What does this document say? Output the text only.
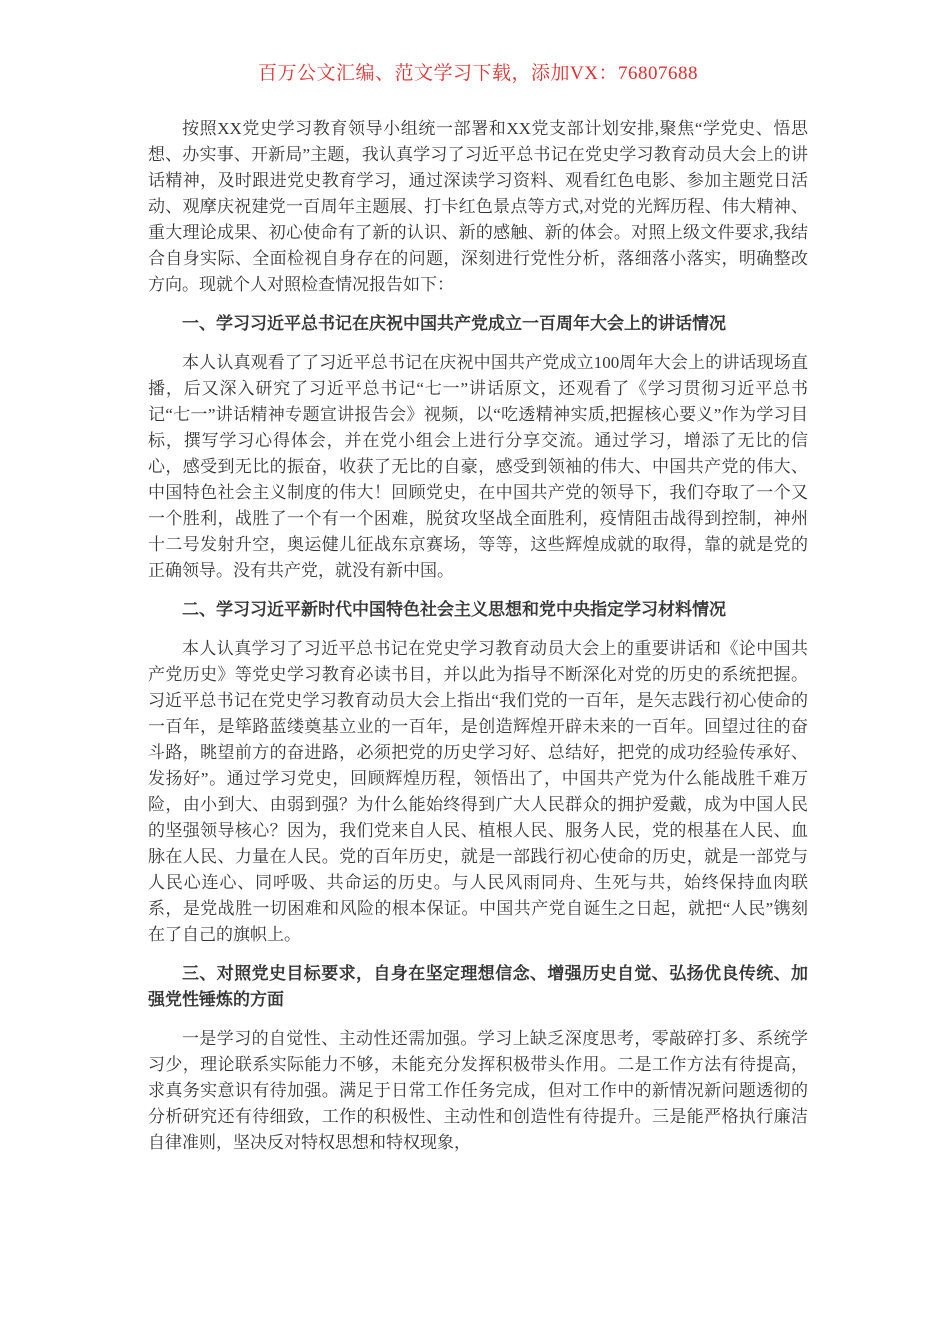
百万公文汇编、范文学习下载，添加VX：76807688

按照XX党史学习教育领导小组统一部署和XX党支部计划安排,聚焦“学党史、悟思想、办实事、开新局”主题，我认真学习了习近平总书记在党史学习教育动员大会上的讲话精神，及时跟进党史教育学习，通过深读学习资料、观看红色电影、参加主题党日活动、观摩庆祝建党一百周年主题展、打卡红色景点等方式,对党的光辉历程、伟大精神、重大理论成果、初心使命有了新的认识、新的感触、新的体会。对照上级文件要求,我结合自身实际、全面检视自身存在的问题，深刻进行党性分析，落细落小落实，明确整改方向。现就个人对照检查情况报告如下：

一、学习习近平总书记在庆祝中国共产党成立一百周年大会上的讲话情况

本人认真观看了了习近平总书记在庆祝中国共产党成立100周年大会上的讲话现场直播，后又深入研究了习近平总书记“七一”讲话原文，还观看了《学习贯彻习近平总书记“七一”讲话精神专题宣讲报告会》视频，以“吃透精神实质,把握核心要义”作为学习目标，撰写学习心得体会，并在党小组会上进行分享交流。通过学习，增添了无比的信心，感受到无比的振奋，收获了无比的自豪，感受到领袖的伟大、中国共产党的伟大、中国特色社会主义制度的伟大！回顾党史，在中国共产党的领导下，我们夺取了一个又一个胜利，战胜了一个有一个困难，脱贫攻坚战全面胜利，疫情阻击战得到控制，神州十二号发射升空，奥运健儿征战东京赛场，等等，这些辉煌成就的取得，靠的就是党的正确领导。没有共产党，就没有新中国。

二、学习习近平新时代中国特色社会主义思想和党中央指定学习材料情况

本人认真学习了习近平总书记在党史学习教育动员大会上的重要讲话和《论中国共产党历史》等党史学习教育必读书目，并以此为指导不断深化对党的历史的系统把握。习近平总书记在党史学习教育动员大会上指出“我们党的一百年，是矢志践行初心使命的一百年，是筚路蓝缕奠基立业的一百年，是创造辉煌开辟未来的一百年。回望过往的奋斗路，眺望前方的奋进路，必须把党的历史学习好、总结好，把党的成功经验传承好、发扬好”。通过学习党史，回顾辉煌历程，领悟出了，中国共产党为什么能战胜千难万险，由小到大、由弱到强？为什么能始终得到广大人民群众的拥护爱戴，成为中国人民的坚强领导核心？因为，我们党来自人民、植根人民、服务人民，党的根基在人民、血脉在人民、力量在人民。党的百年历史，就是一部践行初心使命的历史，就是一部党与人民心连心、同呼吸、共命运的历史。与人民风雨同舟、生死与共，始终保持血肉联系，是党战胜一切困难和风险的根本保证。中国共产党自诞生之日起，就把“人民”镌刻在了自己的旗帜上。

三、对照党史目标要求，自身在坚定理想信念、增强历史自觉、弘扬优良传统、加强党性锤炼的方面

一是学习的自觉性、主动性还需加强。学习上缺乏深度思考，零敲碎打多、系统学习少，理论联系实际能力不够，未能充分发挥积极带头作用。二是工作方法有待提高，求真务实意识有待加强。满足于日常工作任务完成，但对工作中的新情况新问题透彻的分析研究还有待细致，工作的积极性、主动性和创造性有待提升。三是能严格执行廉洁自律准则，坚决反对特权思想和特权现象，
